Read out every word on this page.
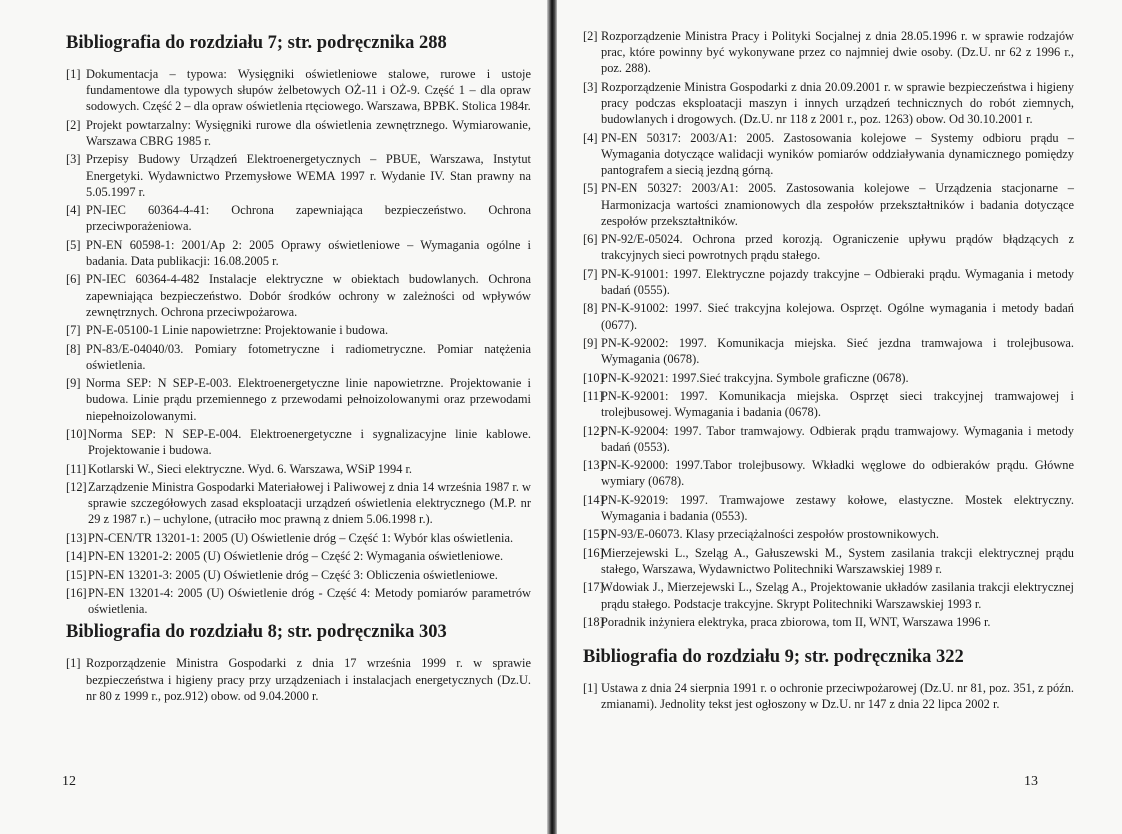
Bibliografia do rozdziału 7; str. podręcznika 288
[1] Dokumentacja – typowa: Wysięgniki oświetleniowe stalowe, rurowe i ustoje fundamentowe dla typowych słupów żelbetowych OŻ-11 i OŻ-9. Część 1 – dla opraw sodowych. Część 2 – dla opraw oświetlenia rtęciowego. Warszawa, BPBK. Stolica 1984r.
[2] Projekt powtarzalny: Wysięgniki rurowe dla oświetlenia zewnętrznego. Wymiarowanie, Warszawa CBRG 1985 r.
[3] Przepisy Budowy Urządzeń Elektroenergetycznych – PBUE, Warszawa, Instytut Energetyki. Wydawnictwo Przemysłowe WEMA 1997 r. Wydanie IV. Stan prawny na 5.05.1997 r.
[4] PN-IEC 60364-4-41: Ochrona zapewniająca bezpieczeństwo. Ochrona przeciwporażeniowa.
[5] PN-EN 60598-1: 2001/Ap 2: 2005 Oprawy oświetleniowe – Wymagania ogólne i badania. Data publikacji: 16.08.2005 r.
[6] PN-IEC 60364-4-482 Instalacje elektryczne w obiektach budowlanych. Ochrona zapewniająca bezpieczeństwo. Dobór środków ochrony w zależności od wpływów zewnętrznych. Ochrona przeciwpożarowa.
[7] PN-E-05100-1 Linie napowietrzne: Projektowanie i budowa.
[8] PN-83/E-04040/03. Pomiary fotometryczne i radiometryczne. Pomiar natężenia oświetlenia.
[9] Norma SEP: N SEP-E-003. Elektroenergetyczne linie napowietrzne. Projektowanie i budowa. Linie prądu przemiennego z przewodami pełnoizolowanymi oraz przewodami niepełnoizolowanymi.
[10] Norma SEP: N SEP-E-004. Elektroenergetyczne i sygnalizacyjne linie kablowe. Projektowanie i budowa.
[11] Kotlarski W., Sieci elektryczne. Wyd. 6. Warszawa, WSiP 1994 r.
[12] Zarządzenie Ministra Gospodarki Materiałowej i Paliwowej z dnia 14 września 1987 r. w sprawie szczegółowych zasad eksploatacji urządzeń oświetlenia elektrycznego (M.P. nr 29 z 1987 r.) – uchylone, (utraciło moc prawną z dniem 5.06.1998 r.).
[13] PN-CEN/TR 13201-1: 2005 (U) Oświetlenie dróg – Część 1: Wybór klas oświetlenia.
[14] PN-EN 13201-2: 2005 (U) Oświetlenie dróg – Część 2: Wymagania oświetleniowe.
[15] PN-EN 13201-3: 2005 (U) Oświetlenie dróg – Część 3: Obliczenia oświetleniowe.
[16] PN-EN 13201-4: 2005 (U) Oświetlenie dróg - Część 4: Metody pomiarów parametrów oświetlenia.
Bibliografia do rozdziału 8; str. podręcznika 303
[1] Rozporządzenie Ministra Gospodarki z dnia 17 września 1999 r. w sprawie bezpieczeństwa i higieny pracy przy urządzeniach i instalacjach energetycznych (Dz.U. nr 80 z 1999 r., poz.912) obow. od 9.04.2000 r.
12
[2] Rozporządzenie Ministra Pracy i Polityki Socjalnej z dnia 28.05.1996 r. w sprawie rodzajów prac, które powinny być wykonywane przez co najmniej dwie osoby. (Dz.U. nr 62 z 1996 r., poz. 288).
[3] Rozporządzenie Ministra Gospodarki z dnia 20.09.2001 r. w sprawie bezpieczeństwa i higieny pracy podczas eksploatacji maszyn i innych urządzeń technicznych do robót ziemnych, budowlanych i drogowych. (Dz.U. nr 118 z 2001 r., poz. 1263) obow. Od 30.10.2001 r.
[4] PN-EN 50317: 2003/A1: 2005. Zastosowania kolejowe – Systemy odbioru prądu – Wymagania dotyczące walidacji wyników pomiarów oddziaływania dynamicznego pomiędzy pantografem a siecią jezdną górną.
[5] PN-EN 50327: 2003/A1: 2005. Zastosowania kolejowe – Urządzenia stacjonarne – Harmonizacja wartości znamionowych dla zespołów przekształtników i badania dotyczące zespołów przekształtników.
[6] PN-92/E-05024. Ochrona przed korozją. Ograniczenie upływu prądów błądzących z trakcyjnych sieci powrotnych prądu stałego.
[7] PN-K-91001: 1997. Elektryczne pojazdy trakcyjne – Odbieraki prądu. Wymagania i metody badań (0555).
[8] PN-K-91002: 1997. Sieć trakcyjna kolejowa. Osprzęt. Ogólne wymagania i metody badań (0677).
[9] PN-K-92002: 1997. Komunikacja miejska. Sieć jezdna tramwajowa i trolejbusowa. Wymagania (0678).
[10]
PN-K-92021: 1997.Sieć trakcyjna. Symbole graficzne (0678).
[11]
PN-K-92001: 1997. Komunikacja miejska. Osprzęt sieci trakcyjnej tramwajowej i trolejbusowej. Wymagania i badania (0678).
[12]
PN-K-92004: 1997. Tabor tramwajowy. Odbierak prądu tramwajowy. Wymagania i metody badań (0553).
[13]
PN-K-92000: 1997.Tabor trolejbusowy. Wkładki węglowe do odbieraków prądu. Główne wymiary (0678).
[14]
PN-K-92019: 1997. Tramwajowe zestawy kołowe, elastyczne. Mostek elektryczny. Wymagania i badania (0553).
[15]
PN-93/E-06073. Klasy przeciążalności zespołów prostownikowych.
[16]
Mierzejewski L., Szeląg A., Gałuszewski M., System zasilania trakcji elektrycznej prądu stałego, Warszawa, Wydawnictwo Politechniki Warszawskiej 1989 r.
[17]
Wdowiak J., Mierzejewski L., Szeląg A., Projektowanie układów zasilania trakcji elektrycznej prądu stałego. Podstacje trakcyjne. Skrypt Politechniki Warszawskiej 1993 r.
[18]
Poradnik inżyniera elektryka, praca zbiorowa, tom II, WNT, Warszawa 1996 r.
Bibliografia do rozdziału 9; str. podręcznika 322
[1] Ustawa z dnia 24 sierpnia 1991 r. o ochronie przeciwpożarowej (Dz.U. nr 81, poz. 351, z późn. zmianami). Jednolity tekst jest ogłoszony w Dz.U. nr 147 z dnia 22 lipca 2002 r.
13
